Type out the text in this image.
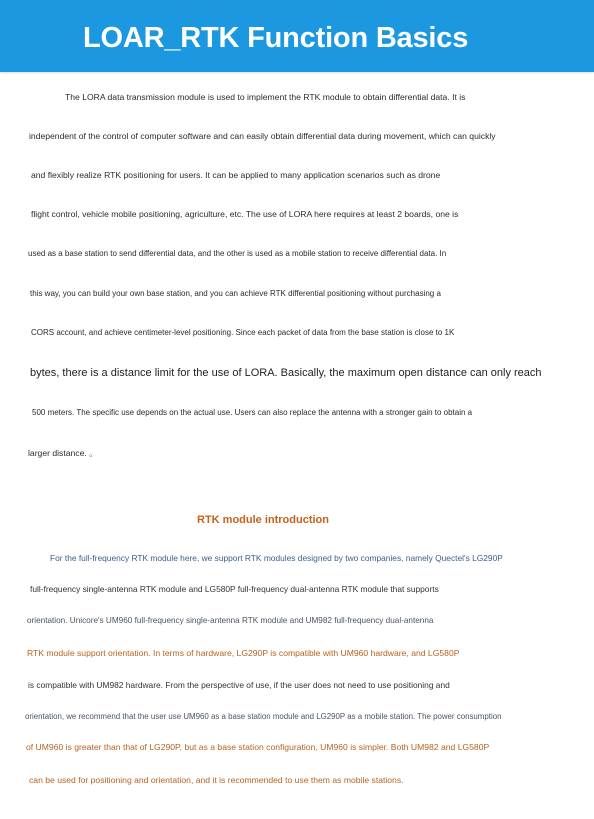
LOAR_RTK Function Basics

The LORA data transmission module is used to implement the RTK module to obtain differential data. It is

independent of the control of computer software and can easily obtain differential data during movement, which can quickly

and flexibly realize RTK positioning for users. It can be applied to many application scenarios such as drone

flight control, vehicle mobile positioning, agriculture, etc. The use of LORA here requires at least 2 boards, one is

used as a base station to send differential data, and the other is used as a mobile station to receive differential data. In

this way, you can build your own base station, and you can achieve RTK differential positioning without purchasing a

CORS account, and achieve centimeter-level positioning. Since each packet of data from the base station is close to 1K

bytes, there is a distance limit for the use of LORA. Basically, the maximum open distance can only reach

500 meters. The specific use depends on the actual use. Users can also replace the antenna with a stronger gain to obtain a

larger distance. 。

RTK module introduction

For the full-frequency RTK module here, we support RTK modules designed by two companies, namely Quectel's LG290P

full-frequency single-antenna RTK module and LG580P full-frequency dual-antenna RTK module that supports

orientation. Unicore's UM960 full-frequency single-antenna RTK module and UM982 full-frequency dual-antenna

RTK module support orientation. In terms of hardware, LG290P is compatible with UM960 hardware, and LG580P

is compatible with UM982 hardware. From the perspective of use, if the user does not need to use positioning and

orientation, we recommend that the user use UM960 as a base station module and LG290P as a mobile station. The power consumption

of UM960 is greater than that of LG290P, but as a base station configuration, UM960 is simpler. Both UM982 and LG580P

can be used for positioning and orientation, and it is recommended to use them as mobile stations.
